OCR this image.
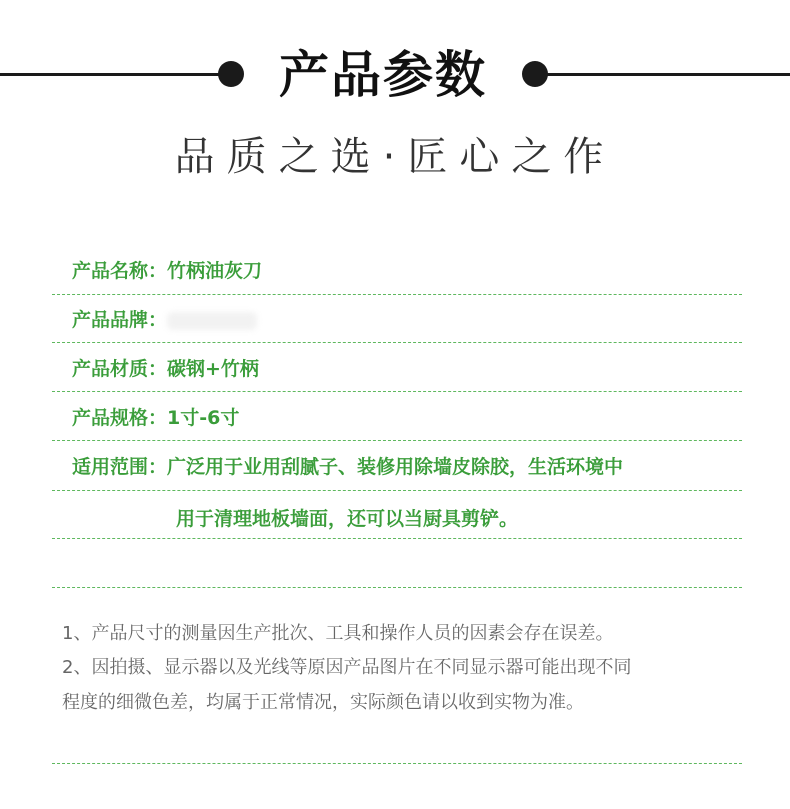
产品参数
品质之选·匠心之作
产品名称：竹柄油灰刀
产品品牌：
产品材质：碳钢+竹柄
产品规格：1寸-6寸
适用范围：广泛用于业用刮腻子、装修用除墙皮除胶，生活环境中
用于清理地板墙面，还可以当厨具剪铲。
1、产品尺寸的测量因生产批次、工具和操作人员的因素会存在误差。
2、因拍摄、显示器以及光线等原因产品图片在不同显示器可能出现不同
程度的细微色差，均属于正常情况，实际颜色请以收到实物为准。
